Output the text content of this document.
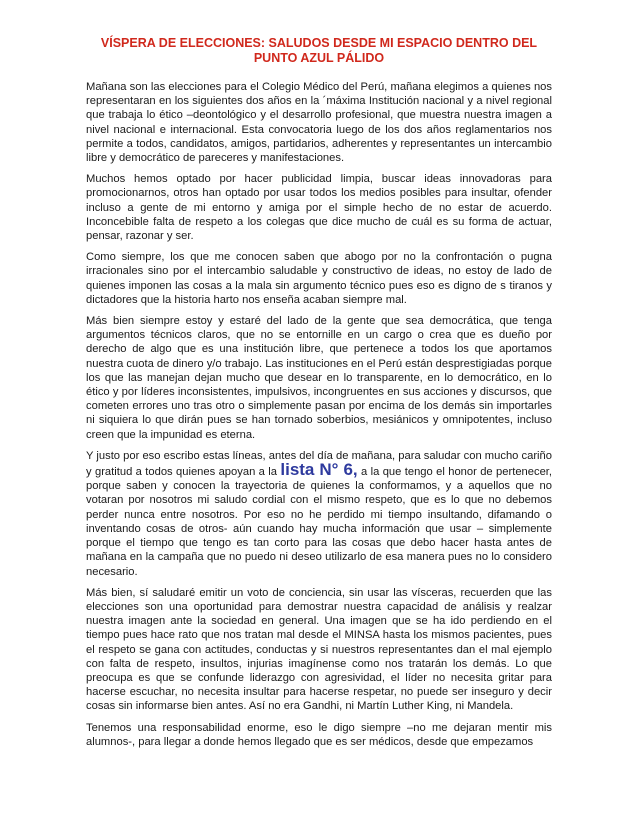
VÍSPERA DE ELECCIONES: SALUDOS DESDE MI ESPACIO DENTRO DEL
PUNTO AZUL PÁLIDO

Mañana son las elecciones para el Colegio Médico del Perú, mañana elegimos a quienes nos representaran en los siguientes dos años en la ´máxima Institución nacional y a nivel regional que trabaja lo ético –deontológico y el desarrollo profesional, que muestra nuestra imagen a nivel nacional e internacional. Esta convocatoria luego de los dos años reglamentarios nos permite a todos, candidatos, amigos, partidarios, adherentes y representantes un intercambio libre y democrático de pareceres y manifestaciones.

Muchos hemos optado por hacer publicidad limpia, buscar ideas innovadoras para promocionarnos, otros han optado por usar todos los medios posibles para insultar, ofender incluso a gente de mi entorno y amiga por el simple hecho de no estar de acuerdo. Inconcebible falta de respeto a los colegas que dice mucho de cuál es su forma de actuar, pensar, razonar y ser.

Como siempre, los que me conocen saben que abogo por no la confrontación o pugna irracionales sino por el intercambio saludable y constructivo de ideas, no estoy de lado de quienes imponen las cosas a la mala sin argumento técnico pues eso es digno de s tiranos y dictadores que la historia harto nos enseña acaban siempre mal.

Más bien siempre estoy y estaré del lado de la gente que sea democrática, que tenga argumentos técnicos claros, que no se entornille en un cargo o crea que es dueño por derecho de algo que es una institución libre, que pertenece a todos los que aportamos nuestra cuota de dinero y/o trabajo. Las instituciones en el Perú están desprestigiadas porque los que las manejan dejan mucho que desear en lo transparente, en lo democrático, en lo ético y por líderes inconsistentes, impulsivos, incongruentes en sus acciones y discursos, que cometen errores uno tras otro o simplemente pasan por encima de los demás sin importarles ni siquiera lo que dirán pues se han tornado soberbios, mesiánicos y omnipotentes, incluso creen que la impunidad es eterna.

Y justo por eso escribo estas líneas, antes del día de mañana, para saludar con mucho cariño y gratitud a todos quienes apoyan a la lista N° 6, a la que tengo el honor de pertenecer, porque saben y conocen la trayectoria de quienes la conformamos, y a aquellos que no votaran por nosotros mi saludo cordial con el mismo respeto, que es lo que no debemos perder nunca entre nosotros. Por eso no he perdido mi tiempo insultando, difamando o inventando cosas de otros- aún cuando hay mucha información que usar – simplemente porque el tiempo que tengo es tan corto para las cosas que debo hacer hasta antes de mañana en la campaña que no puedo ni deseo utilizarlo de esa manera pues no lo considero necesario.

Más bien, sí saludaré emitir un voto de conciencia, sin usar las vísceras, recuerden que las elecciones son una oportunidad para demostrar nuestra capacidad de análisis y realzar nuestra imagen ante la sociedad en general. Una imagen que se ha ido perdiendo en el tiempo pues hace rato que nos tratan mal desde el MINSA hasta los mismos pacientes, pues el respeto se gana con actitudes, conductas y si nuestros representantes dan el mal ejemplo con falta de respeto, insultos, injurias imagínense como nos tratarán los demás. Lo que preocupa es que se confunde liderazgo con agresividad, el líder no necesita gritar para hacerse escuchar, no necesita insultar para hacerse respetar, no puede ser inseguro y decir cosas sin informarse bien antes. Así no era Gandhi, ni Martín Luther King, ni Mandela.

Tenemos una responsabilidad enorme, eso le digo siempre –no me dejaran mentir mis alumnos-, para llegar a donde hemos llegado que es ser médicos, desde que empezamos
